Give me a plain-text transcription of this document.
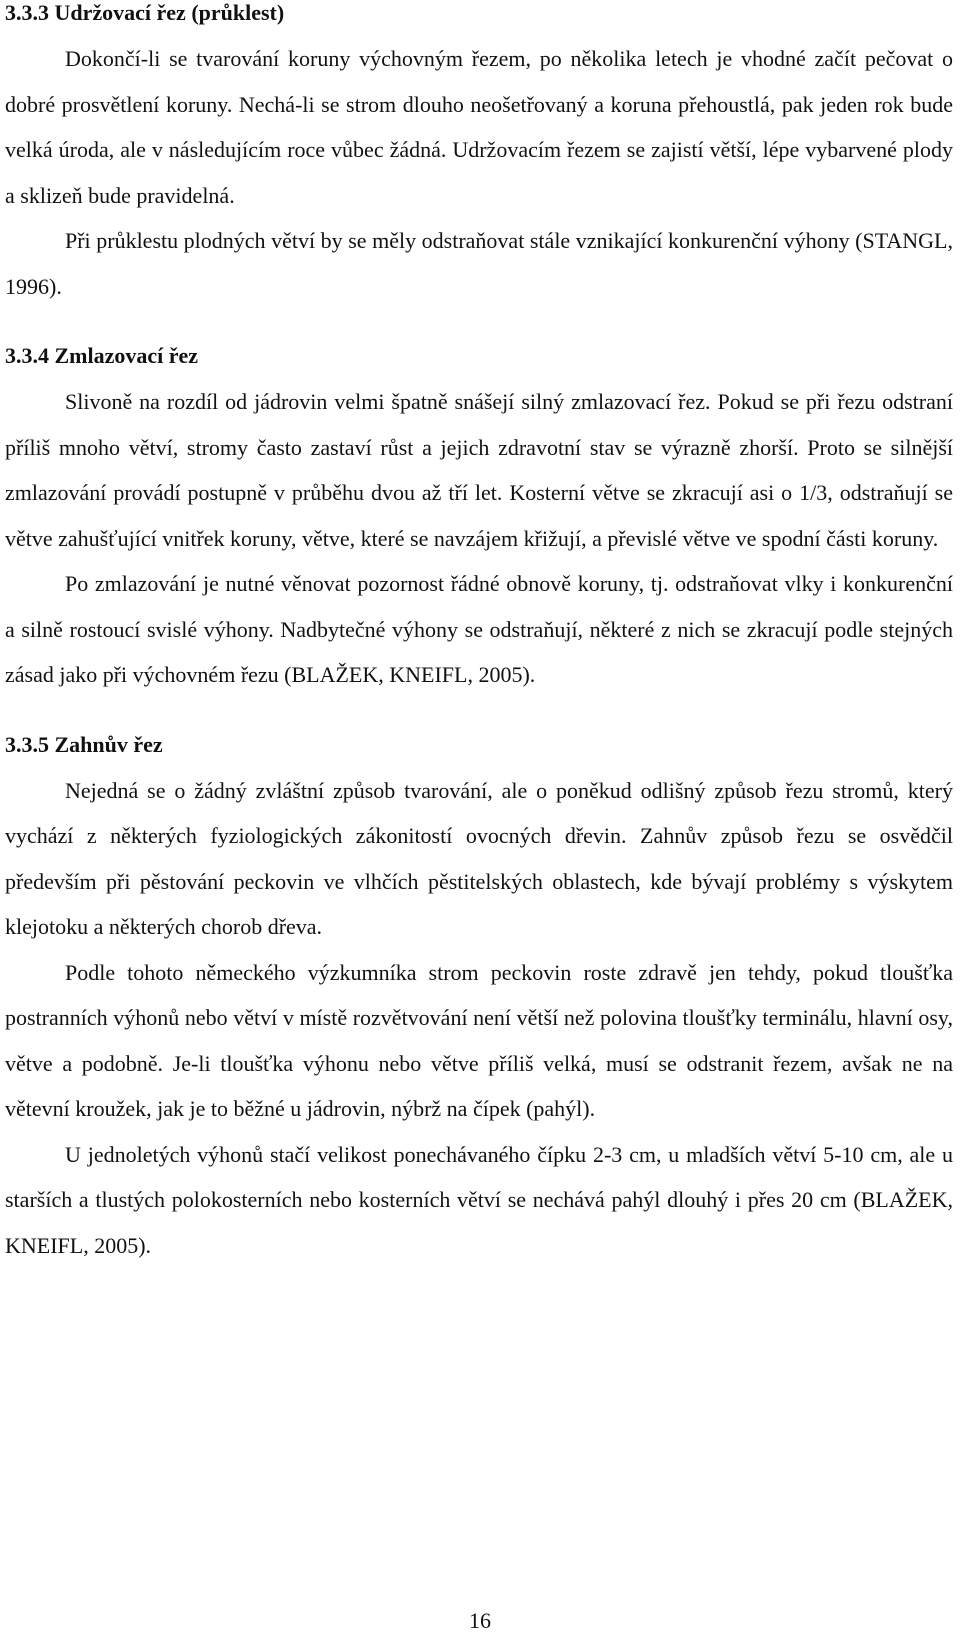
3.3.3 Udržovací řez (průklest)

Dokončí-li se tvarování koruny výchovným řezem, po několika letech je vhodné začít pečovat o dobré prosvětlení koruny. Nechá-li se strom dlouho neošetřovaný a koruna přehoustlá, pak jeden rok bude velká úroda, ale v následujícím roce vůbec žádná. Udržovacím řezem se zajistí větší, lépe vybarvené plody a sklizeň bude pravidelná.

Při průklestu plodných větví by se měly odstraňovat stále vznikající konkurenční výhony (STANGL, 1996).

3.3.4 Zmlazovací řez

Slivoně na rozdíl od jádrovin velmi špatně snášejí silný zmlazovací řez. Pokud se při řezu odstraní příliš mnoho větví, stromy často zastaví růst a jejich zdravotní stav se výrazně zhorší. Proto se silnější zmlazování provádí postupně v průběhu dvou až tří let. Kosterní větve se zkracují asi o 1/3, odstraňují se větve zahušťující vnitřek koruny, větve, které se navzájem křižují, a převislé větve ve spodní části koruny.

Po zmlazování je nutné věnovat pozornost řádné obnově koruny, tj. odstraňovat vlky i konkurenční a silně rostoucí svislé výhony. Nadbytečné výhony se odstraňují, některé z nich se zkracují podle stejných zásad jako při výchovném řezu (BLAŽEK, KNEIFL, 2005).

3.3.5 Zahnův řez

Nejedná se o žádný zvláštní způsob tvarování, ale o poněkud odlišný způsob řezu stromů, který vychází z některých fyziologických zákonitostí ovocných dřevin. Zahnův způsob řezu se osvědčil především při pěstování peckovin ve vlhčích pěstitelských oblastech, kde bývají problémy s výskytem klejotoku a některých chorob dřeva.

Podle tohoto německého výzkumníka strom peckovin roste zdravě jen tehdy, pokud tloušťka postranních výhonů nebo větví v místě rozvětvování není větší než polovina tloušťky terminálu, hlavní osy, větve a podobně. Je-li tloušťka výhonu nebo větve příliš velká, musí se odstranit řezem, avšak ne na větevní kroužek, jak je to běžné u jádrovin, nýbrž na čípek (pahýl).

U jednoletých výhonů stačí velikost ponechávaného čípku 2-3 cm, u mladších větví 5-10 cm, ale u starších a tlustých polokosterních nebo kosterních větví se nechává pahýl dlouhý i přes 20 cm (BLAŽEK, KNEIFL, 2005).

16
